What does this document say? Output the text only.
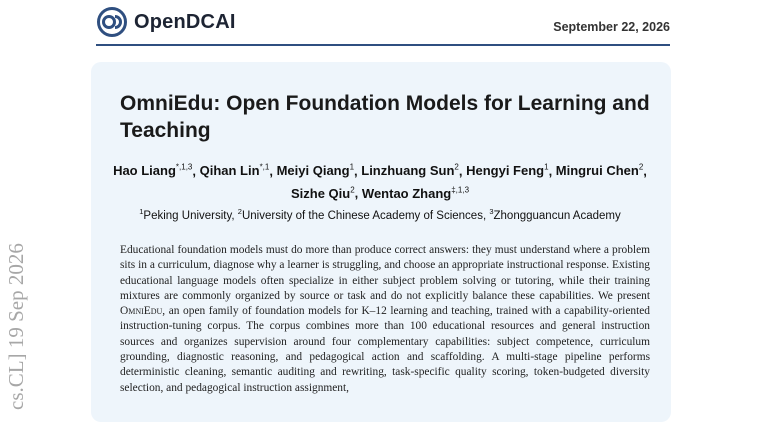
OpenDCAI	September 22, 2026
cs.CL] 19 Sep 2026
OmniEdu: Open Foundation Models for Learning and Teaching
Hao Liang$^{*,1,3}$, Qihan Lin$^{*,1}$, Meiyi Qiang$^1$, Linzhuang Sun$^2$, Hengyi Feng$^1$, Mingrui Chen$^2$, Sizhe Qiu$^2$, Wentao Zhang$^{\ddagger,1,3}$
$^1$Peking University, $^2$University of the Chinese Academy of Sciences, $^3$Zhongguancun Academy

Educational foundation models must do more than produce correct answers: they must understand where a problem sits in a curriculum, diagnose why a learner is struggling, and choose an appropriate instructional response. Existing educational language models often specialize in either subject problem solving or tutoring, while their training mixtures are commonly organized by source or task and do not explicitly balance these capabilities. We present OmniEdu, an open family of foundation models for K–12 learning and teaching, trained with a capability-oriented instruction-tuning corpus. The corpus combines more than 100 educational resources and general instruction sources and organizes supervision around four complementary capabilities: subject competence, curriculum grounding, diagnostic reasoning, and pedagogical action and scaffolding. A multi-stage pipeline performs deterministic cleaning, semantic auditing and rewriting, task-specific quality scoring, token-budgeted diversity selection, and pedagogical instruction assignment,
